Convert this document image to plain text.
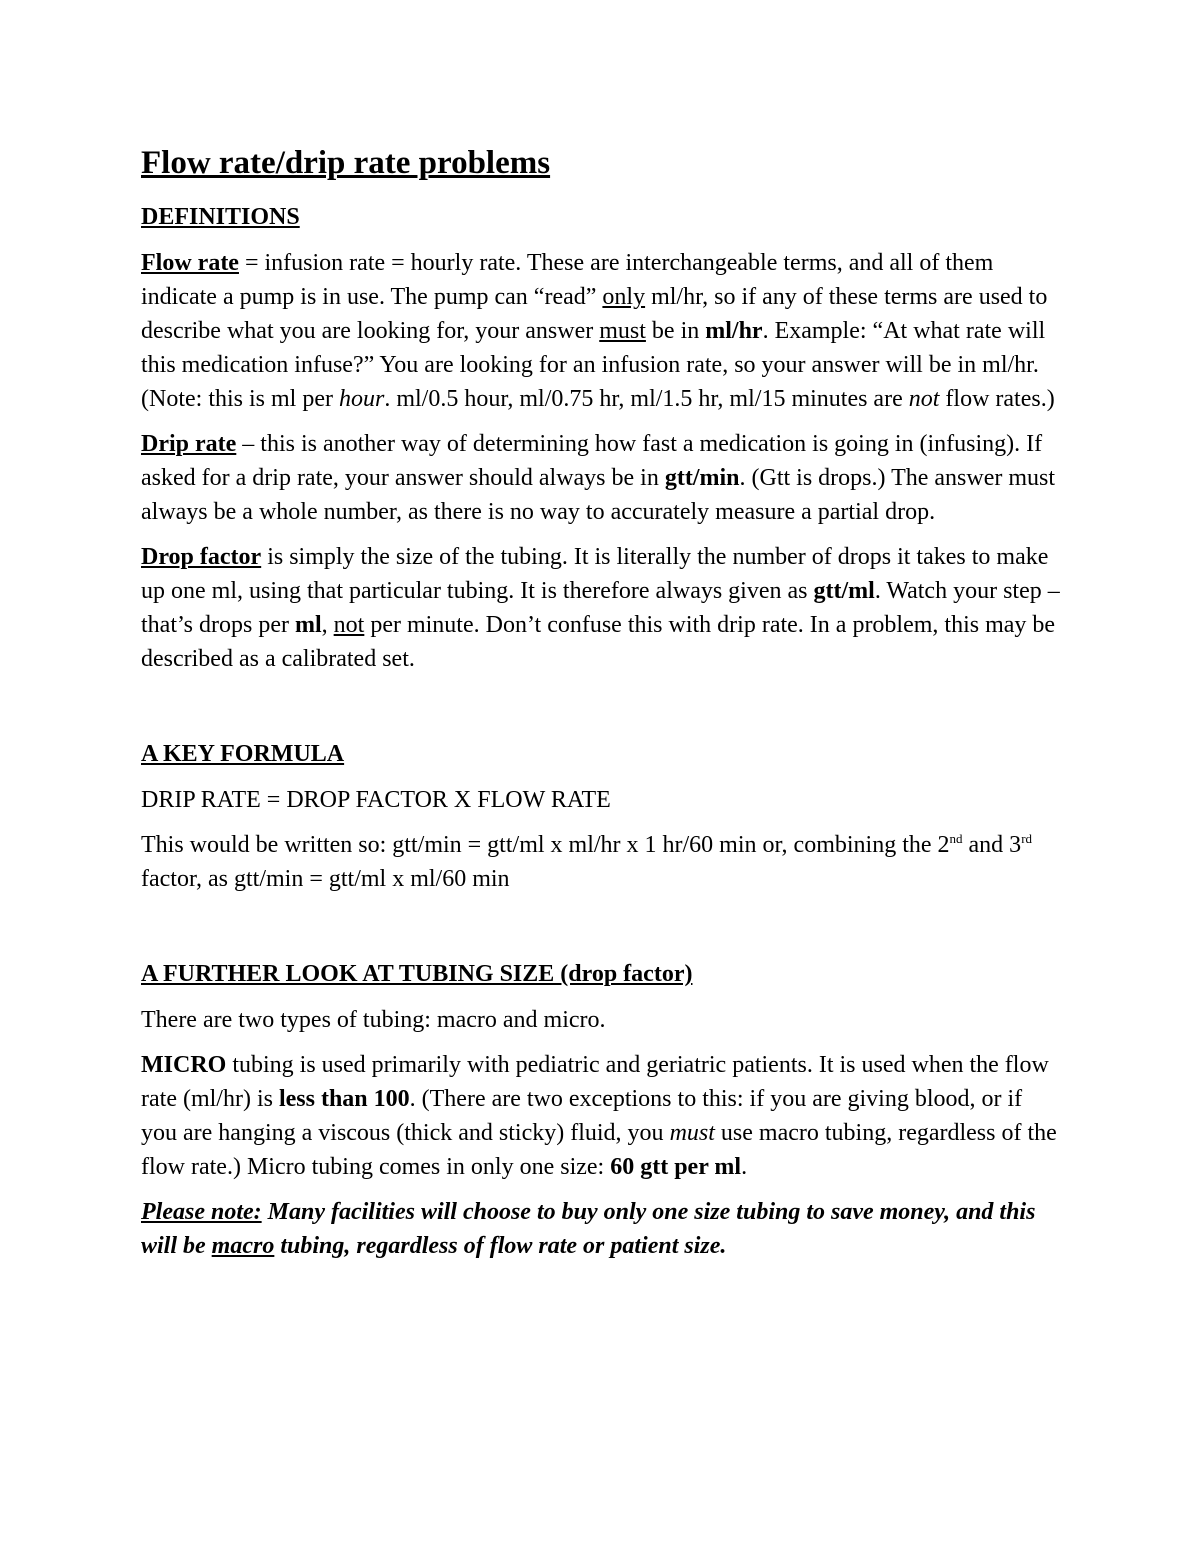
Flow rate/drip rate problems
DEFINITIONS

Flow rate = infusion rate = hourly rate. These are interchangeable terms, and all of them indicate a pump is in use. The pump can “read” only ml/hr, so if any of these terms are used to describe what you are looking for, your answer must be in ml/hr. Example: “At what rate will this medication infuse?” You are looking for an infusion rate, so your answer will be in ml/hr. (Note: this is ml per hour. ml/0.5 hour, ml/0.75 hr, ml/1.5 hr, ml/15 minutes are not flow rates.)

Drip rate – this is another way of determining how fast a medication is going in (infusing). If asked for a drip rate, your answer should always be in gtt/min. (Gtt is drops.) The answer must always be a whole number, as there is no way to accurately measure a partial drop.

Drop factor is simply the size of the tubing. It is literally the number of drops it takes to make up one ml, using that particular tubing. It is therefore always given as gtt/ml. Watch your step – that’s drops per ml, not per minute. Don’t confuse this with drip rate. In a problem, this may be described as a calibrated set.

A KEY FORMULA

DRIP RATE = DROP FACTOR X FLOW RATE

This would be written so: gtt/min = gtt/ml x ml/hr x 1 hr/60 min or, combining the 2nd and 3rd factor, as gtt/min = gtt/ml x ml/60 min

A FURTHER LOOK AT TUBING SIZE (drop factor)

There are two types of tubing: macro and micro.

MICRO tubing is used primarily with pediatric and geriatric patients. It is used when the flow rate (ml/hr) is less than 100. (There are two exceptions to this: if you are giving blood, or if you are hanging a viscous (thick and sticky) fluid, you must use macro tubing, regardless of the flow rate.) Micro tubing comes in only one size: 60 gtt per ml.

Please note: Many facilities will choose to buy only one size tubing to save money, and this will be macro tubing, regardless of flow rate or patient size.
